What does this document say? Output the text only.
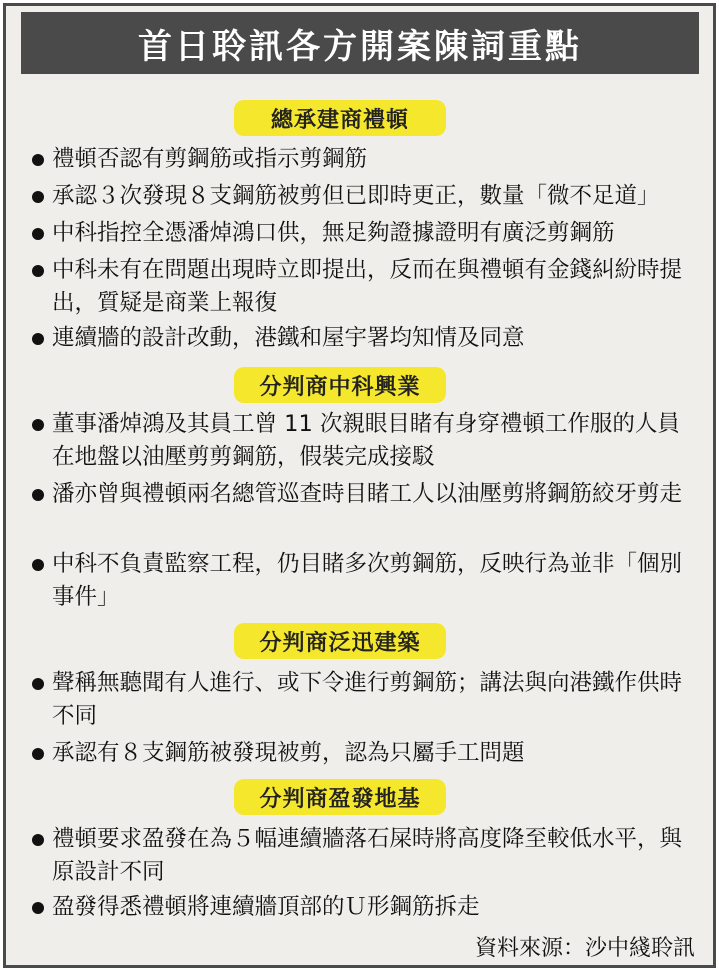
首日聆訊各方開案陳詞重點
總承建商禮頓
禮頓否認有剪鋼筋或指示剪鋼筋
承認３次發現８支鋼筋被剪但已即時更正，數量「微不足道」
中科指控全憑潘焯鴻口供，無足夠證據證明有廣泛剪鋼筋
中科未有在問題出現時立即提出，反而在與禮頓有金錢糾紛時提出，質疑是商業上報復
連續牆的設計改動，港鐵和屋宇署均知情及同意
分判商中科興業
董事潘焯鴻及其員工曾 11 次親眼目睹有身穿禮頓工作服的人員在地盤以油壓剪剪鋼筋，假裝完成接駁
潘亦曾與禮頓兩名總管巡查時目睹工人以油壓剪將鋼筋絞牙剪走
中科不負責監察工程，仍目睹多次剪鋼筋，反映行為並非「個別事件」
分判商泛迅建築
聲稱無聽聞有人進行、或下令進行剪鋼筋；講法與向港鐵作供時不同
承認有８支鋼筋被發現被剪，認為只屬手工問題
分判商盈發地基
禮頓要求盈發在為５幅連續牆落石屎時將高度降至較低水平，與原設計不同
盈發得悉禮頓將連續牆頂部的Ｕ形鋼筋拆走
資料來源：沙中綫聆訊
